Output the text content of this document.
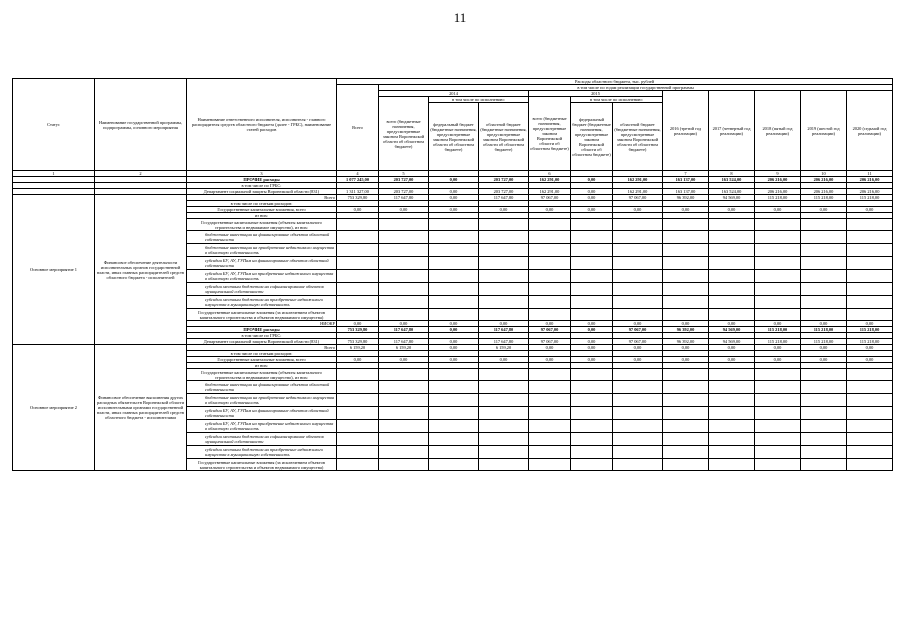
11
Статус	Наименование государственной программы, подпрограммы, основного мероприятия	Наименование ответственного исполнителя, исполнителя - главного распорядителя средств областного бюджета (далее - ГРБС), наименование статей расходов	Расходы областного бюджета, тыс. рублей											
			Всего	в том числе по годам реализации государственной программы										
				2014			2015			2016 (третий год реализации)	2017 (четвертый год реализации)	2018 (пятый год реализации)	2019 (шестой год реализации)	2020 (седьмой год реализации)
				всего (бюджетные назначения, предусмотренные законом Воронежской области об областном бюджете)	в том числе по исполнению:		всего (бюджетные назначения, предусмотренные законом Воронежской области об областном бюджете)	в том числе по исполнению:						
					федеральный бюджет (бюджетные назначения, предусмотренные законом Воронежской области об областном бюджете)	областной бюджет (бюджетные назначения, предусмотренные законом Воронежской области об областном бюджете)		федеральный бюджет (бюджетные назначения, предусмотренные законом Воронежской области об областном бюджете)	областной бюджет (бюджетные назначения, предусмотренные законом Воронежской области об областном бюджете)					
1	2	3	4	5			6			7	8	9	10	11
		ПРОЧИЕ расходы	1 077 245,00	203 727,00	0,00	203 727,00	162 291,00	0,00	162 291,00	163 137,00	163 524,00	206 216,00	206 216,00	206 216,00
		в том числе по ГРБС:												
		Департамент социальной защиты Воронежской области (831)	1 311 327,00	203 727,00	0,00	203 727,00	162 291,00	0,00	162 291,00	163 137,00	163 524,00	206 216,00	206 216,00	206 216,00
Основное мероприятие 1	Финансовое обеспечение деятельности исполнительных органов государственной власти, иных главных распорядителей средств областного бюджета - исполнителей	Всего	753 329,80	117 647,80	0,00	117 647,80	97 067,00	0,00	97 067,00	96 392,00	94 569,00	115 218,00	115 218,00	115 218,00
		в том числе по статьям расходов:												
		Государственные капитальные вложения, всего	0,00	0,00	0,00	0,00	0,00	0,00	0,00	0,00	0,00	0,00	0,00	0,00
		из них:												
		Государственные капитальные вложения (объекты капитального строительства и недвижимое имущество), из них:												
		бюджетные инвестиции на финансирование объектов областной собственности												
		бюджетные инвестиции на приобретение недвижимого имущества в областную собственность												
		субсидии БУ, АУ, ГУПам на финансирование объектов областной собственности												
		субсидии БУ, АУ, ГУПам на приобретение недвижимого имущества в областную собственность												
		субсидии местным бюджетам на софинансирование объектов муниципальной собственности												
		субсидии местным бюджетам на приобретение недвижимого имущества в муниципальную собственность												
		Государственные капитальные вложения (за исключением объектов капитального строительства и объектов недвижимого имущества)												
		НИОКР	0,00	0,00	0,00	0,00	0,00	0,00	0,00	0,00	0,00	0,00	0,00	0,00
		ПРОЧИЕ расходы	753 329,80	117 647,80	0,00	117 647,80	97 067,00	0,00	97 067,00	96 392,00	94 569,00	115 218,00	115 218,00	115 218,00
		в том числе по ГРБС:												
		Департамент социальной защиты Воронежской области (831)	753 329,80	117 647,80	0,00	117 647,80	97 067,00	0,00	97 067,00	96 392,00	94 569,00	115 218,00	115 218,00	115 218,00
Основное мероприятие 2	Финансовое обеспечение выполнения других расходных обязательств Воронежской области исполнительными органами государственной власти, иных главных распорядителей средств областного бюджета - исполнителями	Всего	6 159,20	6 159,20	0,00	6 159,20	0,00	0,00	0,00	0,00	0,00	0,00	0,00	0,00
		в том числе по статьям расходов:												
		Государственные капитальные вложения, всего	0,00	0,00	0,00	0,00	0,00	0,00	0,00	0,00	0,00	0,00	0,00	0,00
		из них:												
		Государственные капитальные вложения (объекты капитального строительства и недвижимое имущество), из них:												
		бюджетные инвестиции на финансирование объектов областной собственности												
		бюджетные инвестиции на приобретение недвижимого имущества в областную собственность												
		субсидии БУ, АУ, ГУПам на финансирование объектов областной собственности												
		субсидии БУ, АУ, ГУПам на приобретение недвижимого имущества в областную собственность												
		субсидии местным бюджетам на софинансирование объектов муниципальной собственности												
		субсидии местным бюджетам на приобретение недвижимого имущества в муниципальную собственность												
		Государственные капитальные вложения (за исключением объектов капитального строительства и объектов недвижимого имущества)												
